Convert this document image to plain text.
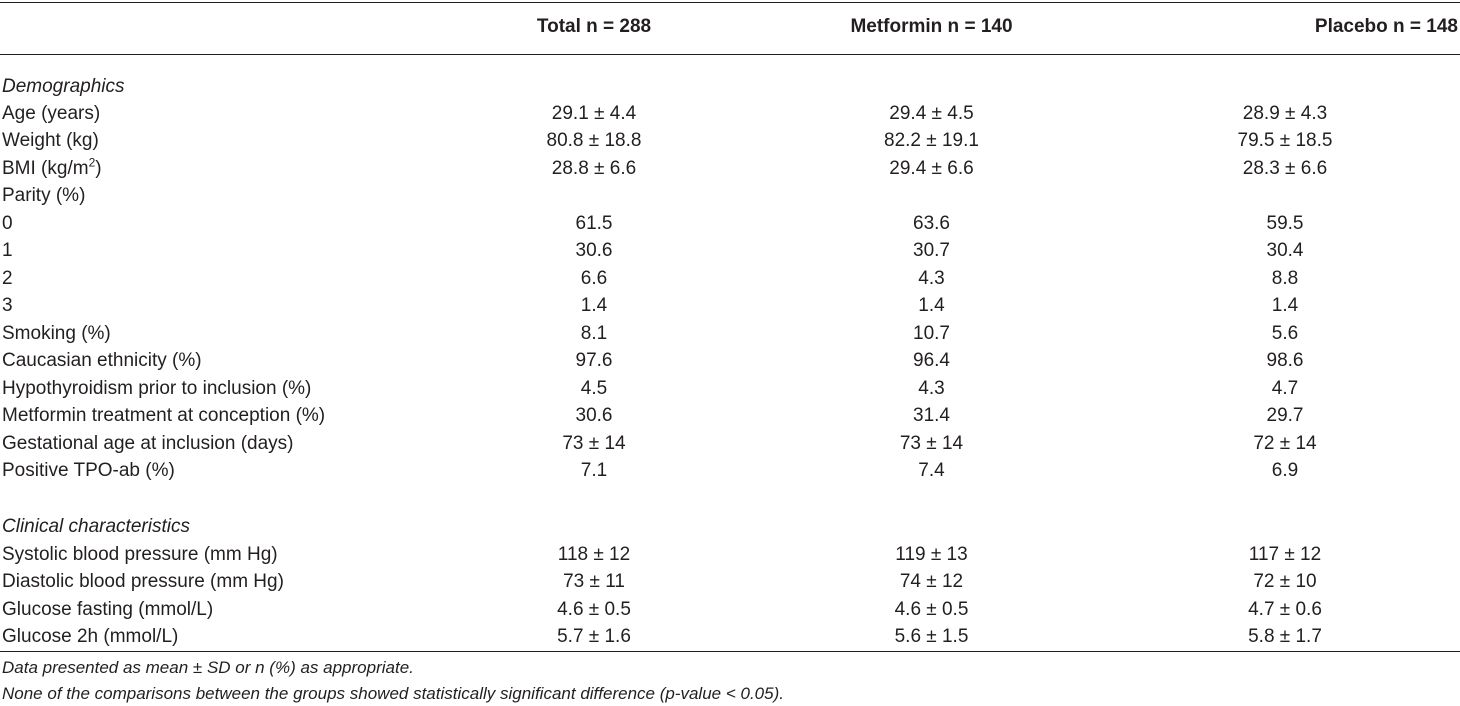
	Total n = 288	Metformin n = 140	Placebo n = 148
Demographics			
Age (years)	29.1 ± 4.4	29.4 ± 4.5	28.9 ± 4.3
Weight (kg)	80.8 ± 18.8	82.2 ± 19.1	79.5 ± 18.5
BMI $(kg/m^2)$	28.8 ± 6.6	29.4 ± 6.6	28.3 ± 6.6
Parity (%)			
0	61.5	63.6	59.5
1	30.6	30.7	30.4
2	6.6	4.3	8.8
3	1.4	1.4	1.4
Smoking (%)	8.1	10.7	5.6
Caucasian ethnicity (%)	97.6	96.4	98.6
Hypothyroidism prior to inclusion (%)	4.5	4.3	4.7
Metformin treatment at conception (%)	30.6	31.4	29.7
Gestational age at inclusion (days)	73 ± 14	73 ± 14	72 ± 14
Positive TPO-ab (%)	7.1	7.4	6.9

Clinical characteristics			
Systolic blood pressure (mm Hg)	118 ± 12	119 ± 13	117 ± 12
Diastolic blood pressure (mm Hg)	73 ± 11	74 ± 12	72 ± 10
Glucose fasting (mmol/L)	4.6 ± 0.5	4.6 ± 0.5	4.7 ± 0.6
Glucose 2h (mmol/L)	5.7 ± 1.6	5.6 ± 1.5	5.8 ± 1.7
Data presented as mean ± SD or n (%) as appropriate.
None of the comparisons between the groups showed statistically significant difference (p-value < 0.05).
